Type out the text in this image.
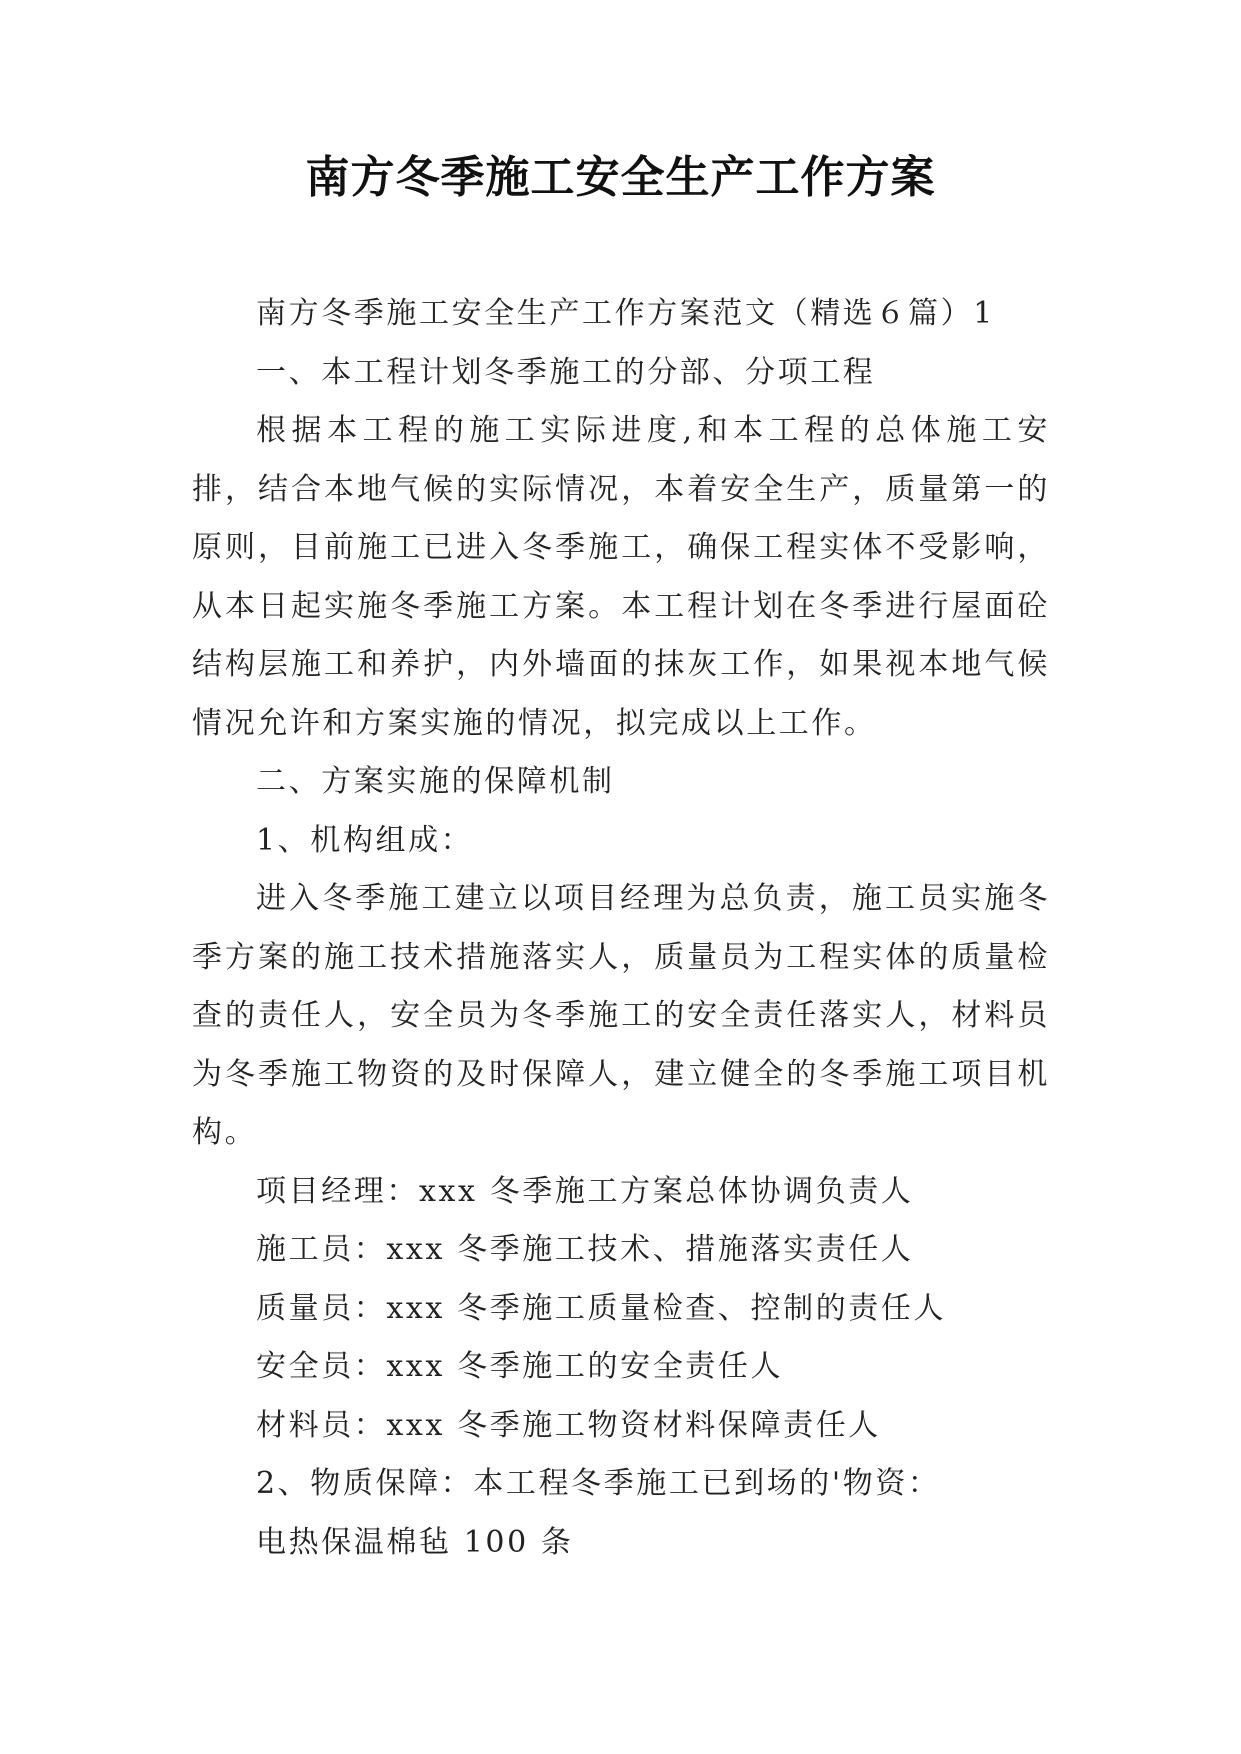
南方冬季施工安全生产工作方案

南方冬季施工安全生产工作方案范文（精选６篇）1

一、本工程计划冬季施工的分部、分项工程

根据本工程的施工实际进度,和本工程的总体施工安排，结合本地气候的实际情况，本着安全生产，质量第一的原则，目前施工已进入冬季施工，确保工程实体不受影响，从本日起实施冬季施工方案。本工程计划在冬季进行屋面砼结构层施工和养护，内外墙面的抹灰工作，如果视本地气候情况允许和方案实施的情况，拟完成以上工作。

二、方案实施的保障机制

1、机构组成：

进入冬季施工建立以项目经理为总负责，施工员实施冬季方案的施工技术措施落实人，质量员为工程实体的质量检查的责任人，安全员为冬季施工的安全责任落实人，材料员为冬季施工物资的及时保障人，建立健全的冬季施工项目机构。

项目经理：xxx 冬季施工方案总体协调负责人

施工员：xxx 冬季施工技术、措施落实责任人

质量员：xxx 冬季施工质量检查、控制的责任人

安全员：xxx 冬季施工的安全责任人

材料员：xxx 冬季施工物资材料保障责任人

2、物质保障：本工程冬季施工已到场的'物资：

电热保温棉毡 100 条
